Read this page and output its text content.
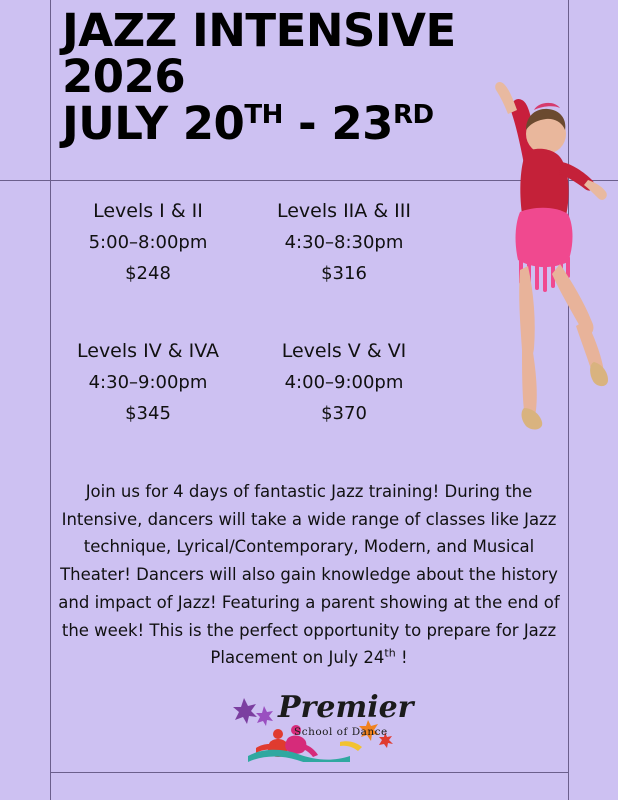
JAZZ INTENSIVE
2026
JULY 20TH - 23RD
Levels I & II
5:00–8:00pm
$248
Levels IIA & III
4:30–8:30pm
$316
Levels IV & IVA
4:30–9:00pm
$345
Levels V & VI
4:00–9:00pm
$370
Join us for 4 days of fantastic Jazz training! During the Intensive, dancers will take a wide range of classes like Jazz technique, Lyrical/Contemporary, Modern, and Musical Theater! Dancers will also gain knowledge about the history and impact of Jazz! Featuring a parent showing at the end of the week! This is the perfect opportunity to prepare for Jazz Placement on July 24th !
Premier
School of Dance
